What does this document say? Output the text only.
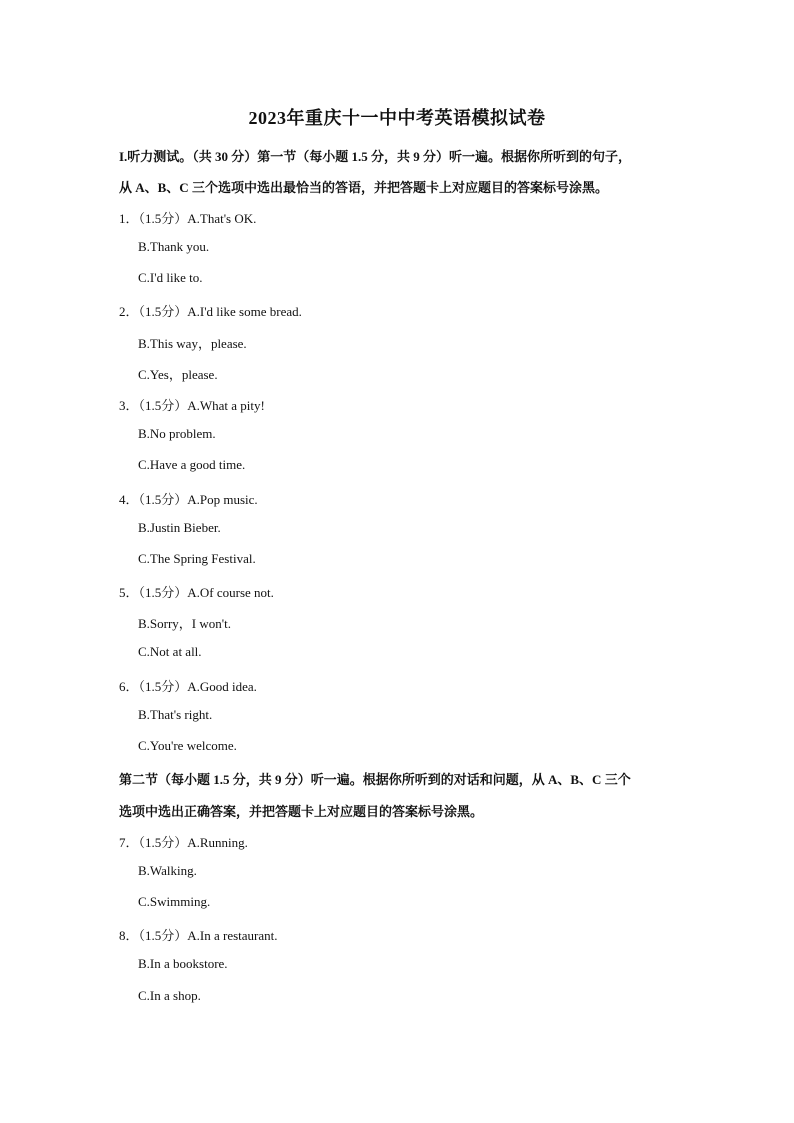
2023年重庆十一中中考英语模拟试卷
I.听力测试。（共 30 分）第一节（每小题 1.5 分，共 9 分）听一遍。根据你所听到的句子，
从 A、B、C 三个选项中选出最恰当的答语，并把答题卡上对应题目的答案标号涂黑。
1．（1.5分）A.That's OK.
B.Thank you.
C.I'd like to.
2．（1.5分）A.I'd like some bread.
B.This way，please.
C.Yes，please.
3．（1.5分）A.What a pity!
B.No problem.
C.Have a good time.
4．（1.5分）A.Pop music.
B.Justin Bieber.
C.The Spring Festival.
5．（1.5分）A.Of course not.
B.Sorry，I won't.
C.Not at all.
6．（1.5分）A.Good idea.
B.That's right.
C.You're welcome.
第二节（每小题 1.5 分，共 9 分）听一遍。根据你所听到的对话和问题，从 A、B、C 三个
选项中选出正确答案，并把答题卡上对应题目的答案标号涂黑。
7．（1.5分）A.Running.
B.Walking.
C.Swimming.
8．（1.5分）A.In a restaurant.
B.In a bookstore.
C.In a shop.
